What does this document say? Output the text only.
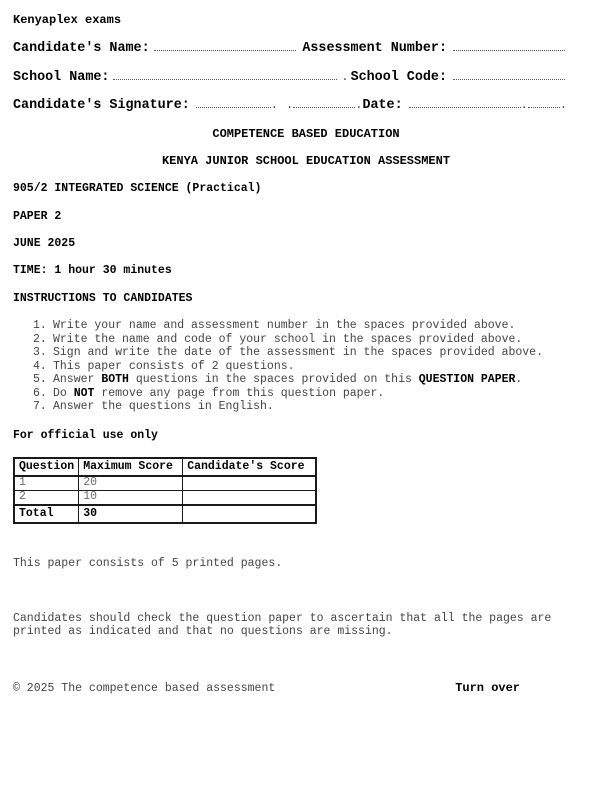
Kenyaplex exams
Candidate's Name:	Assessment Number:
School Name:	. School Code:
Candidate's Signature:	.
.	. Date:	.	.
COMPETENCE BASED EDUCATION
KENYA JUNIOR SCHOOL EDUCATION ASSESSMENT
905/2 INTEGRATED SCIENCE (Practical)
PAPER 2
JUNE 2025
TIME: 1 hour 30 minutes
INSTRUCTIONS TO CANDIDATES
1. Write your name and assessment number in the spaces provided above.
2. Write the name and code of your school in the spaces provided above.
3. Sign and write the date of the assessment in the spaces provided above.
4. This paper consists of 2 questions.
5. Answer BOTH questions in the spaces provided on this QUESTION PAPER.
6. Do NOT remove any page from this question paper.
7. Answer the questions in English.
For official use only
Question	Maximum Score	Candidate's Score
1	20	
2	10	
Total	30	
This paper consists of 5 printed pages.
Candidates should check the question paper to ascertain that all the pages are printed as indicated and that no questions are missing.
© 2025 The competence based assessment	Turn over
